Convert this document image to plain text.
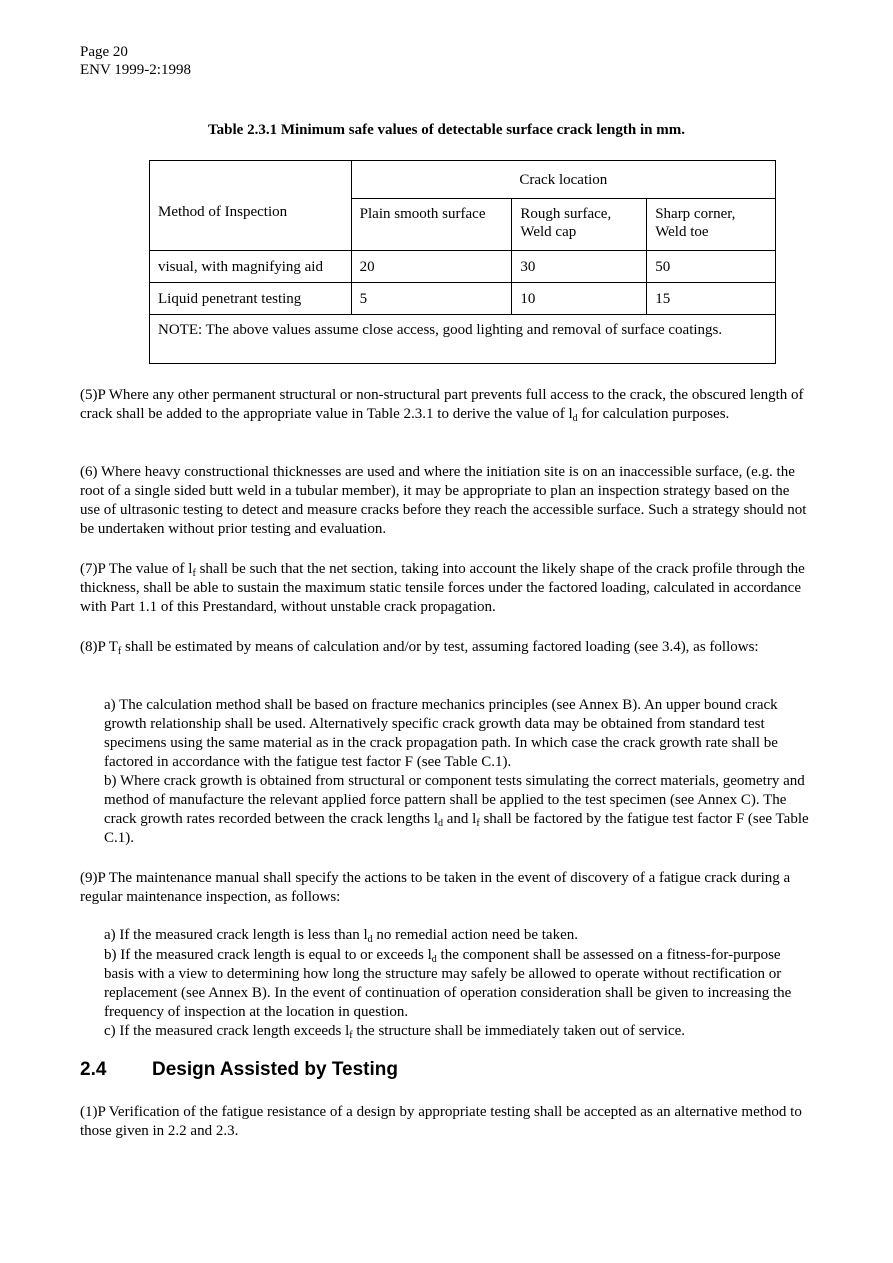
Page 20
ENV 1999-2:1998
Table 2.3.1 Minimum safe values of detectable surface crack length in mm.
Method of Inspection	Crack location		
	Plain smooth surface	Rough surface, Weld cap	Sharp corner, Weld toe
visual, with magnifying aid	20	30	50
Liquid penetrant testing	5	10	15
NOTE: The above values assume close access, good lighting and removal of surface coatings.			

(5)P Where any other permanent structural or non-structural part prevents full access to the crack, the obscured length of crack shall be added to the appropriate value in Table 2.3.1 to derive the value of $l_d$ for calculation purposes.

(6) Where heavy constructional thicknesses are used and where the initiation site is on an inaccessible surface, (e.g. the root of a single sided butt weld in a tubular member), it may be appropriate to plan an inspection strategy based on the use of ultrasonic testing to detect and measure cracks before they reach the accessible surface. Such a strategy should not be undertaken without prior testing and evaluation.

(7)P The value of $l_f$ shall be such that the net section, taking into account the likely shape of the crack profile through the thickness, shall be able to sustain the maximum static tensile forces under the factored loading, calculated in accordance with Part 1.1 of this Prestandard, without unstable crack propagation.

(8)P $T_f$ shall be estimated by means of calculation and/or by test, assuming factored loading (see 3.4), as follows:

a) The calculation method shall be based on fracture mechanics principles (see Annex B). An upper bound crack growth relationship shall be used. Alternatively specific crack growth data may be obtained from standard test specimens using the same material as in the crack propagation path. In which case the crack growth rate shall be factored in accordance with the fatigue test factor F (see Table C.1).

b) Where crack growth is obtained from structural or component tests simulating the correct materials, geometry and method of manufacture the relevant applied force pattern shall be applied to the test specimen (see Annex C). The crack growth rates recorded between the crack lengths $l_d$ and $l_f$ shall be factored by the fatigue test factor F (see Table C.1).

(9)P The maintenance manual shall specify the actions to be taken in the event of discovery of a fatigue crack during a regular maintenance inspection, as follows:

a) If the measured crack length is less than $l_d$ no remedial action need be taken.

b) If the measured crack length is equal to or exceeds $l_d$ the component shall be assessed on a fitness-for-purpose basis with a view to determining how long the structure may safely be allowed to operate without rectification or replacement (see Annex B). In the event of continuation of operation consideration shall be given to increasing the frequency of inspection at the location in question.

c) If the measured crack length exceeds $l_f$ the structure shall be immediately taken out of service.

2.4 Design Assisted by Testing

(1)P Verification of the fatigue resistance of a design by appropriate testing shall be accepted as an alternative method to those given in 2.2 and 2.3.
